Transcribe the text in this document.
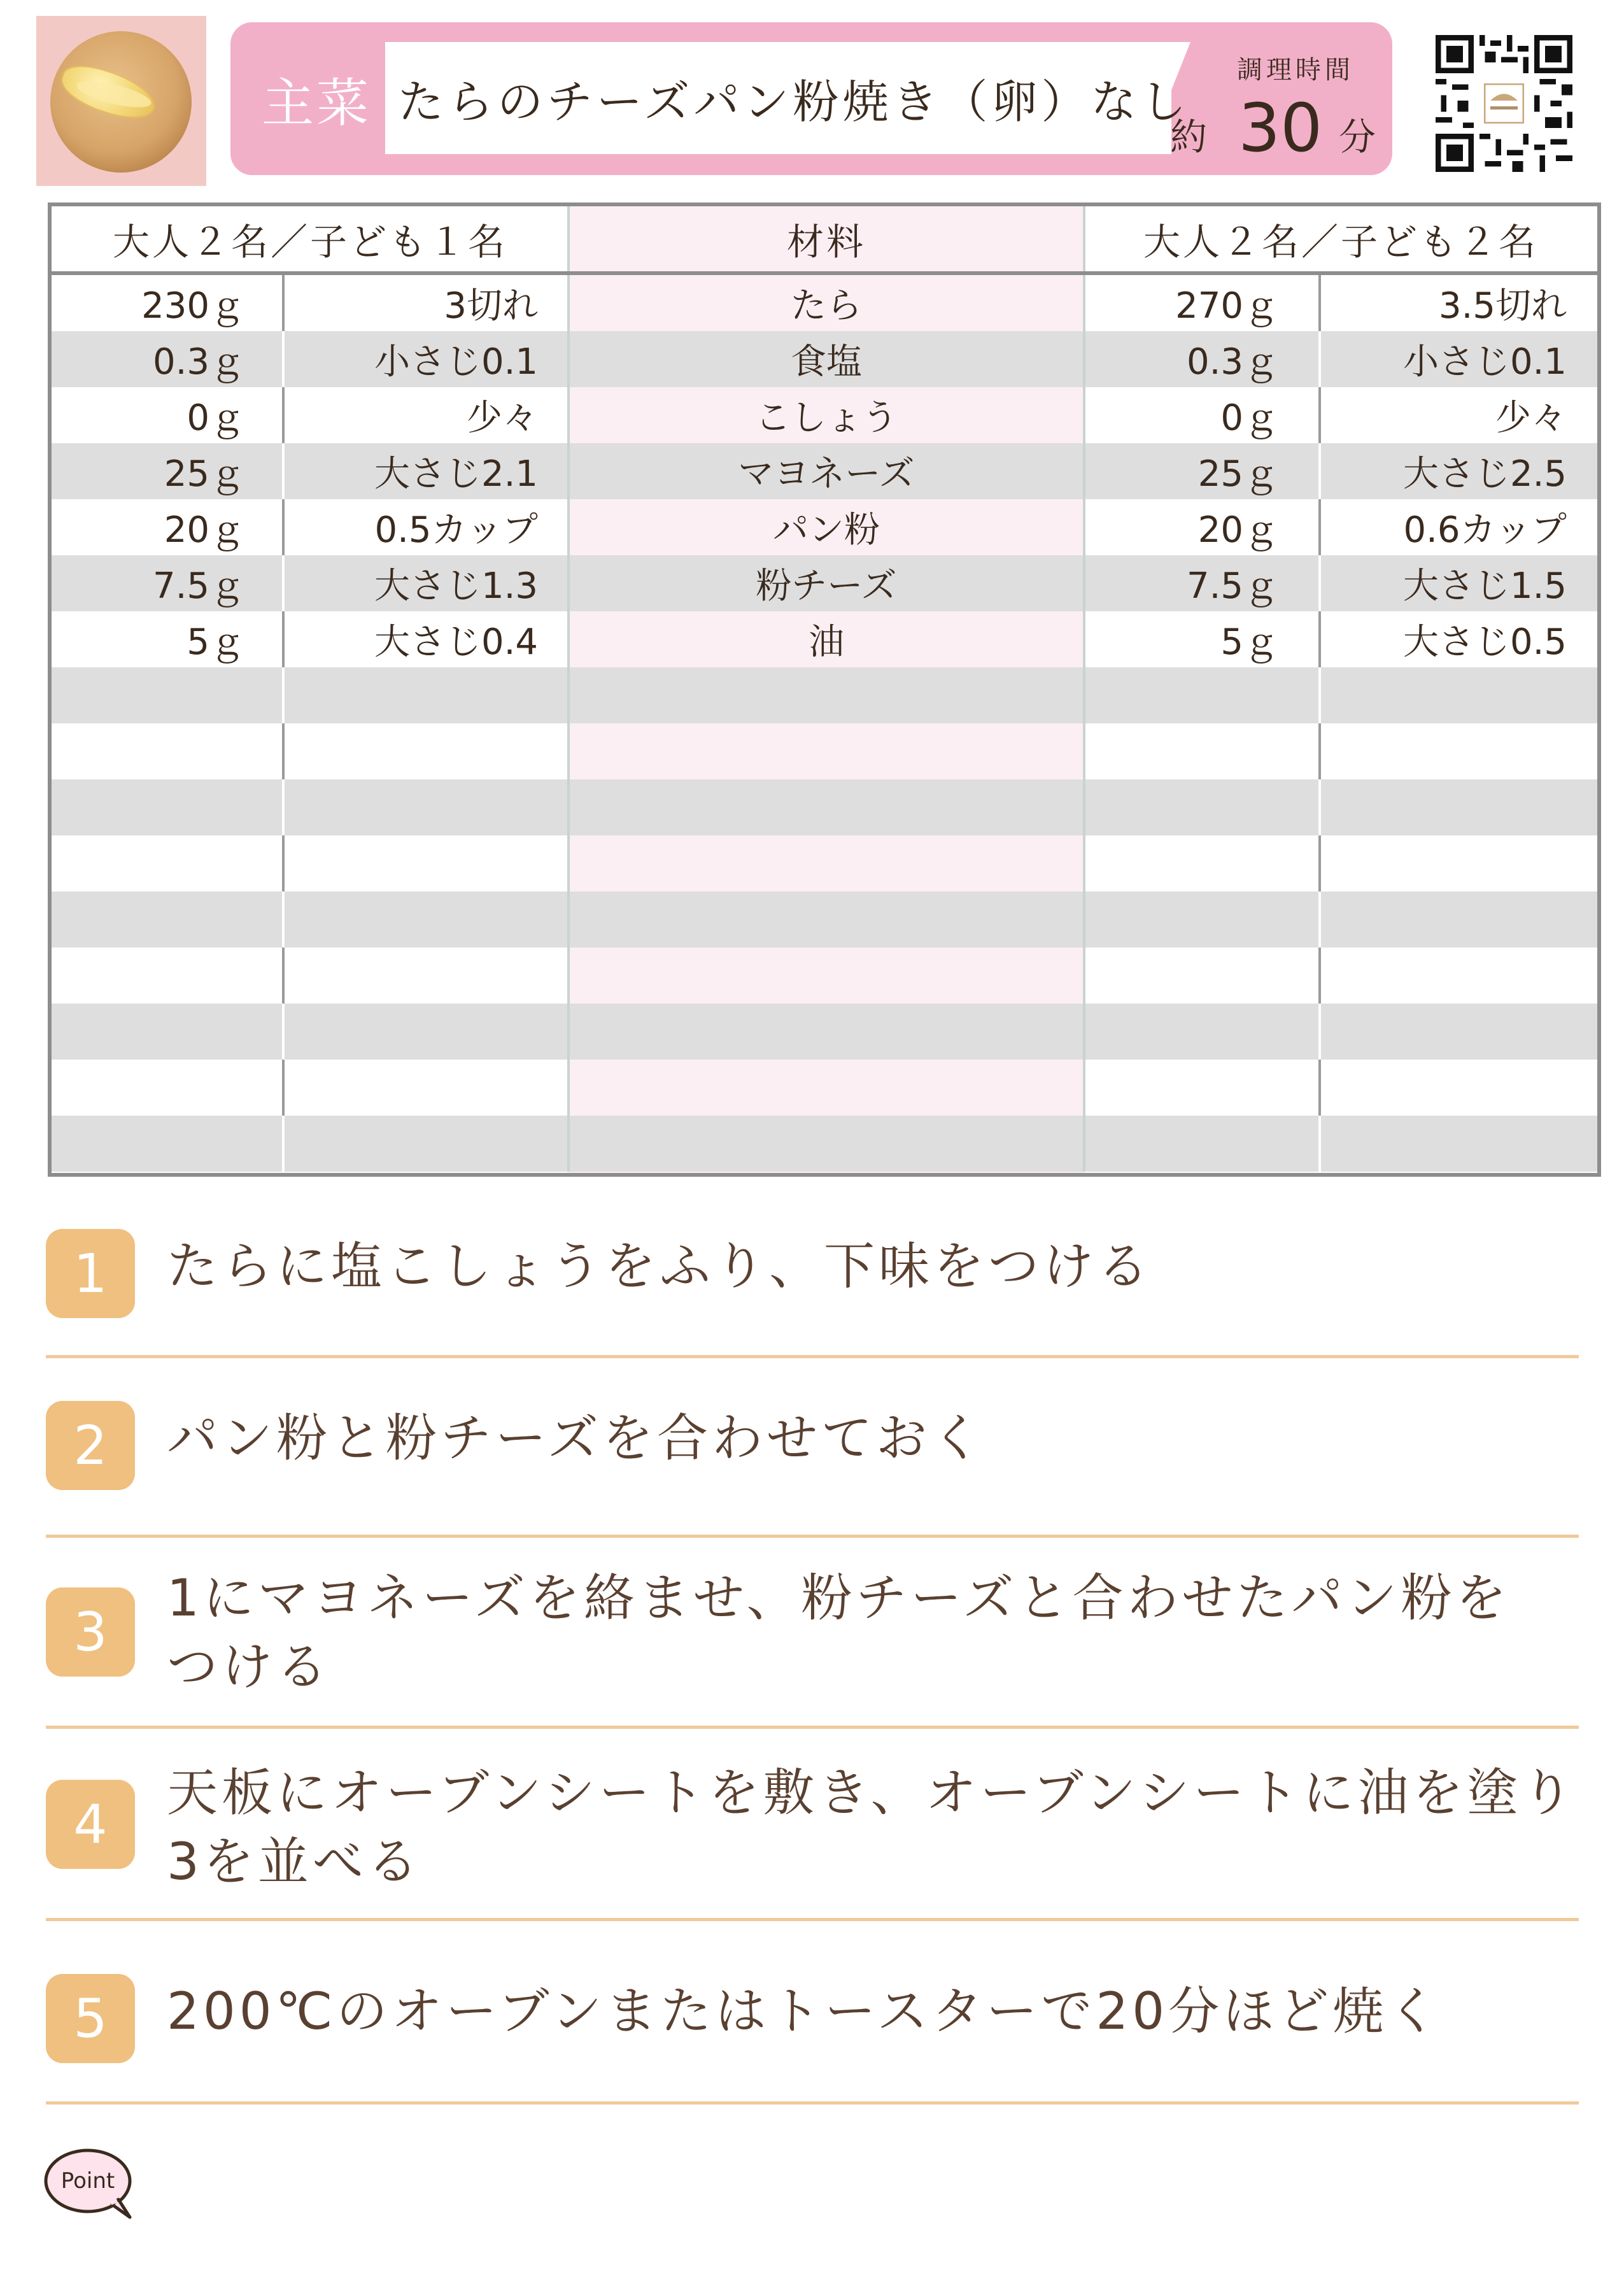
主菜 たらのチーズパン粉焼き（卵）なし
調理時間
約 30 分
大人２名／子ども１名	材料	大人２名／子ども２名
230ｇ	3切れ	たら	270ｇ	3.5切れ
0.3ｇ	小さじ0.1	食塩	0.3ｇ	小さじ0.1
0ｇ	少々	こしょう	0ｇ	少々
25ｇ	大さじ2.1	マヨネーズ	25ｇ	大さじ2.5
20ｇ	0.5カップ	パン粉	20ｇ	0.6カップ
7.5ｇ	大さじ1.3	粉チーズ	7.5ｇ	大さじ1.5
5ｇ	大さじ0.4	油	5ｇ	大さじ0.5
1	たらに塩こしょうをふり、下味をつける
2	パン粉と粉チーズを合わせておく
3
1にマヨネーズを絡ませ、粉チーズと合わせたパン粉を
つける
4
天板にオーブンシートを敷き、オーブンシートに油を塗り
3を並べる
5	200℃のオーブンまたはトースターで20分ほど焼く
Point
